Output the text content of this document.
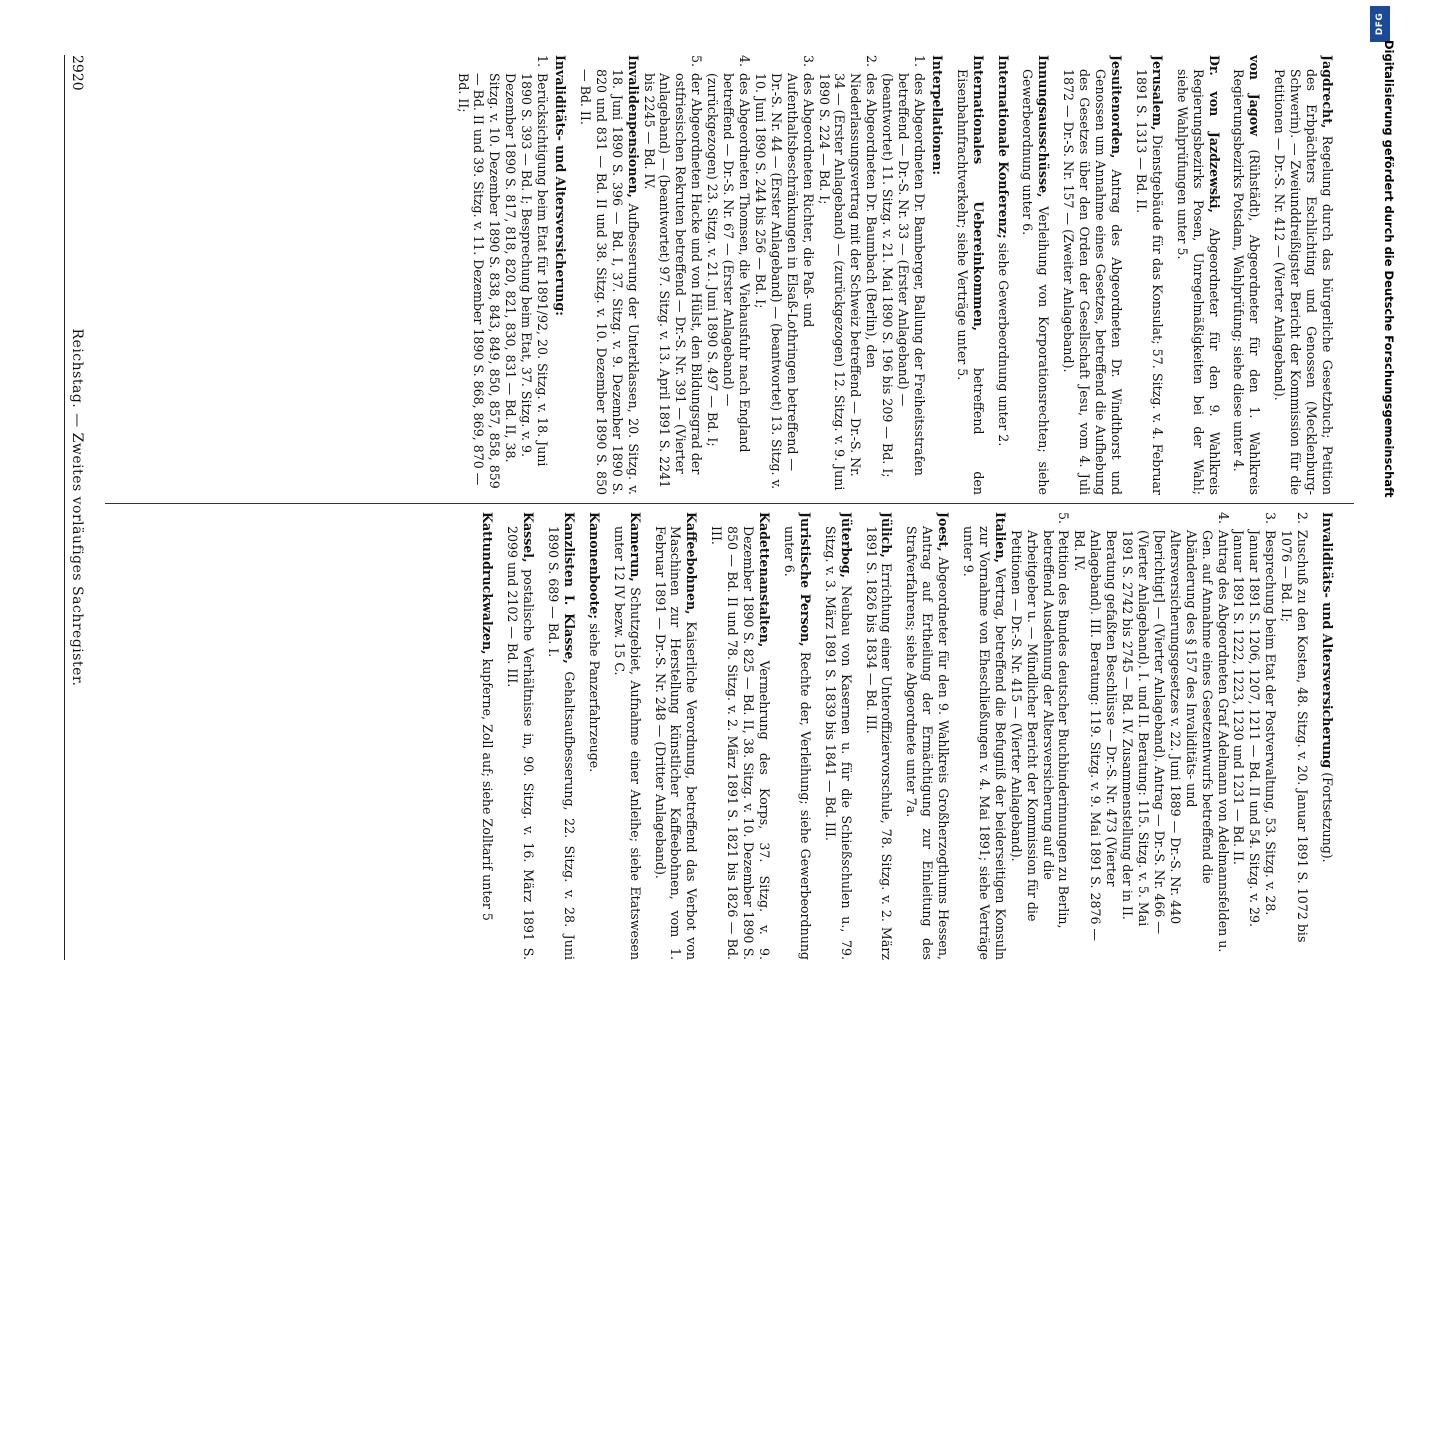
2920
Reichstag. — Zweites vorläufiges Sachregister.

Jagdrecht, Regelung durch das bürgerliche Gesetzbuch; Petition des Erbpächters Eschlichting und Genossen (Mecklenburg-Schwerin). — Zweiunddreißigster Bericht der Kommission für die Petitionen — Dr.-S. Nr. 412 — (Vierter Anlageband).

von Jagow (Rühstädt), Abgeordneter für den 1. Wahlkreis Regierungsbezirks Potsdam, Wahlprüfung; siehe diese unter 4.

Dr. von Jazdzewski, Abgeordneter für den 9. Wahlkreis Regierungsbezirks Posen, Unregelmäßigkeiten bei der Wahl; siehe Wahlprüfungen unter 5.

Jerusalem, Dienstgebäude für das Konsulat; 57. Sitzg. v. 4. Februar 1891 S. 1313 — Bd. II.

Jesuitenorden, Antrag des Abgeordneten Dr. Windthorst und Genossen um Annahme eines Gesetzes, betreffend die Aufhebung des Gesetzes über den Orden der Gesellschaft Jesu, vom 4. Juli 1872 — Dr.-S. Nr. 157 — (Zweiter Anlageband).

Innungsausschüsse, Verleihung von Korporationsrechten; siehe Gewerbeordnung unter 6.

Internationale Konferenz; siehe Gewerbeordnung unter 2.

Internationales Uebereinkommen, betreffend den Eisenbahnfrachtverkehr; siehe Verträge unter 5.

Interpellationen:

1.des Abgeordneten Dr. Bamberger, Ballung der Freiheitsstrafen betreffend — Dr.-S. Nr. 33 — (Erster Anlageband) — (beantwortet) 11. Sitzg. v. 21. Mai 1890 S. 196 bis 209 — Bd. I;

2.des Abgeordneten Dr. Baumbach (Berlin), den Niederlassungsvertrag mit der Schweiz betreffend — Dr.-S. Nr. 34 — (Erster Anlageband) — (zurückgezogen) 12. Sitzg. v. 9. Juni 1890 S. 224 — Bd. I;

3.des Abgeordneten Richter, die Paß- und Aufenthaltsbeschränkungen in Elsaß-Lothringen betreffend — Dr.-S. Nr. 44 — (Erster Anlageband) — (beantwortet) 13. Sitzg. v. 10. Juni 1890 S. 244 bis 256 — Bd. I;

4.des Abgeordneten Thomsen, die Viehausfuhr nach England betreffend — Dr.-S. Nr. 67 — (Erster Anlageband) — (zurückgezogen) 23. Sitzg. v. 21. Juni 1890 S. 497 — Bd. I;

5.der Abgeordneten Hacke und von Hülst, den Bildungsgrad der ostfriesischen Rekruten betreffend — Dr.-S. Nr. 391 — (Vierter Anlageband) — (beantwortet) 97. Sitzg. v. 13. April 1891 S. 2241 bis 2245 — Bd. IV.

Invalidenpensionen, Aufbesserung der Unterklassen, 20. Sitzg. v. 18. Juni 1890 S. 396 — Bd. I, 37. Sitzg. v. 9. Dezember 1890 S. 820 und 831 — Bd. II und 38. Sitzg. v. 10. Dezember 1890 S. 850 — Bd. II.

Invaliditäts- und Altersversicherung:

1.Berücksichtigung beim Etat für 1891/92, 20. Sitzg. v. 18. Juni 1890 S. 393 — Bd. I; Besprechung beim Etat, 37. Sitzg. v. 9. Dezember 1890 S. 817, 818, 820, 821, 830, 831 — Bd. II, 38. Sitzg. v. 10. Dezember 1890 S. 838, 843, 849, 850, 857, 858, 859 — Bd. II und 39. Sitzg. v. 11. Dezember 1890 S. 868, 869, 870 — Bd. II;

Invaliditäts- und Altersversicherung (Fortsetzung).

2.Zuschuß zu den Kosten, 48. Sitzg. v. 20. Januar 1891 S. 1072 bis 1076 — Bd. II;

3.Besprechung beim Etat der Postverwaltung, 53. Sitzg. v. 28. Januar 1891 S. 1206, 1207, 1211 — Bd. II und 54. Sitzg. v. 29. Januar 1891 S. 1222, 1223, 1230 und 1231 — Bd. II.

4.Antrag des Abgeordneten Graf Adelmann von Adelmannsfelden u. Gen. auf Annahme eines Gesetzentwurfs betreffend die Abänderung des § 157 des Invaliditäts- und Altersversicherungsgesetzes v. 22. Juni 1889 — Dr.-S. Nr. 440 [berichtigt] — (Vierter Anlageband). Antrag — Dr.-S. Nr. 466 — (Vierter Anlageband). I. und II. Beratung: 115. Sitzg. v. 5. Mai 1891 S. 2742 bis 2745 — Bd. IV. Zusammenstellung der in II. Beratung gefaßten Beschlüsse — Dr.-S. Nr. 473 (Vierter Anlageband). III. Beratung: 119. Sitzg. v. 9. Mai 1891 S. 2876 — Bd. IV.

5.Petition des Bundes deutscher Buchbinderinnungen zu Berlin, betreffend Ausdehnung der Altersversicherung auf die Arbeitgeber u. — Mündlicher Bericht der Kommission für die Petitionen — Dr.-S. Nr. 415 — (Vierter Anlageband).

Italien, Vertrag, betreffend die Befugniß der beiderseitigen Konsuln zur Vornahme von Eheschließungen v. 4. Mai 1891; siehe Verträge unter 9.

Joest, Abgeordneter für den 9. Wahlkreis Großherzogthums Hessen, Antrag auf Ertheilung der Ermächtigung zur Einleitung des Strafverfahrens; siehe Abgeordnete unter 7a.

Jülich, Errichtung einer Unteroffiziervorschule, 78. Sitzg. v. 2. März 1891 S. 1826 bis 1834 — Bd. III.

Jüterbog, Neubau von Kasernen u. für die Schießschulen u., 79. Sitzg. v. 3. März 1891 S. 1839 bis 1841 — Bd. III.

Juristische Person, Rechte der, Verleihung; siehe Gewerbeordnung unter 6.

Kadettenanstalten, Vermehrung des Korps, 37. Sitzg. v. 9. Dezember 1890 S. 825 — Bd. II, 38. Sitzg. v. 10. Dezember 1890 S. 850 — Bd. II und 78. Sitzg. v. 2. März 1891 S. 1821 bis 1826 — Bd. III.

Kaffeebohnen, Kaiserliche Verordnung, betreffend das Verbot von Maschinen zur Herstellung künstlicher Kaffeebohnen, vom 1. Februar 1891 — Dr.-S. Nr. 248 — (Dritter Anlageband).

Kamerun, Schutzgebiet, Aufnahme einer Anleihe; siehe Etatswesen unter 12 IV bezw. 15 C.

Kanonenboote; siehe Panzerfahrzeuge.

Kanzlisten I. Klasse, Gehaltsaufbesserung, 22. Sitzg. v. 28. Juni 1890 S. 689 — Bd. I.

Kassel, postalische Verhältnisse in, 90. Sitzg. v. 16. März 1891 S. 2099 und 2102 — Bd. III.

Kattundruckwalzen, kupferne, Zoll auf; siehe Zolltarif unter 5

DFG
Digitalisierung gefördert durch die Deutsche Forschungsgemeinschaft
